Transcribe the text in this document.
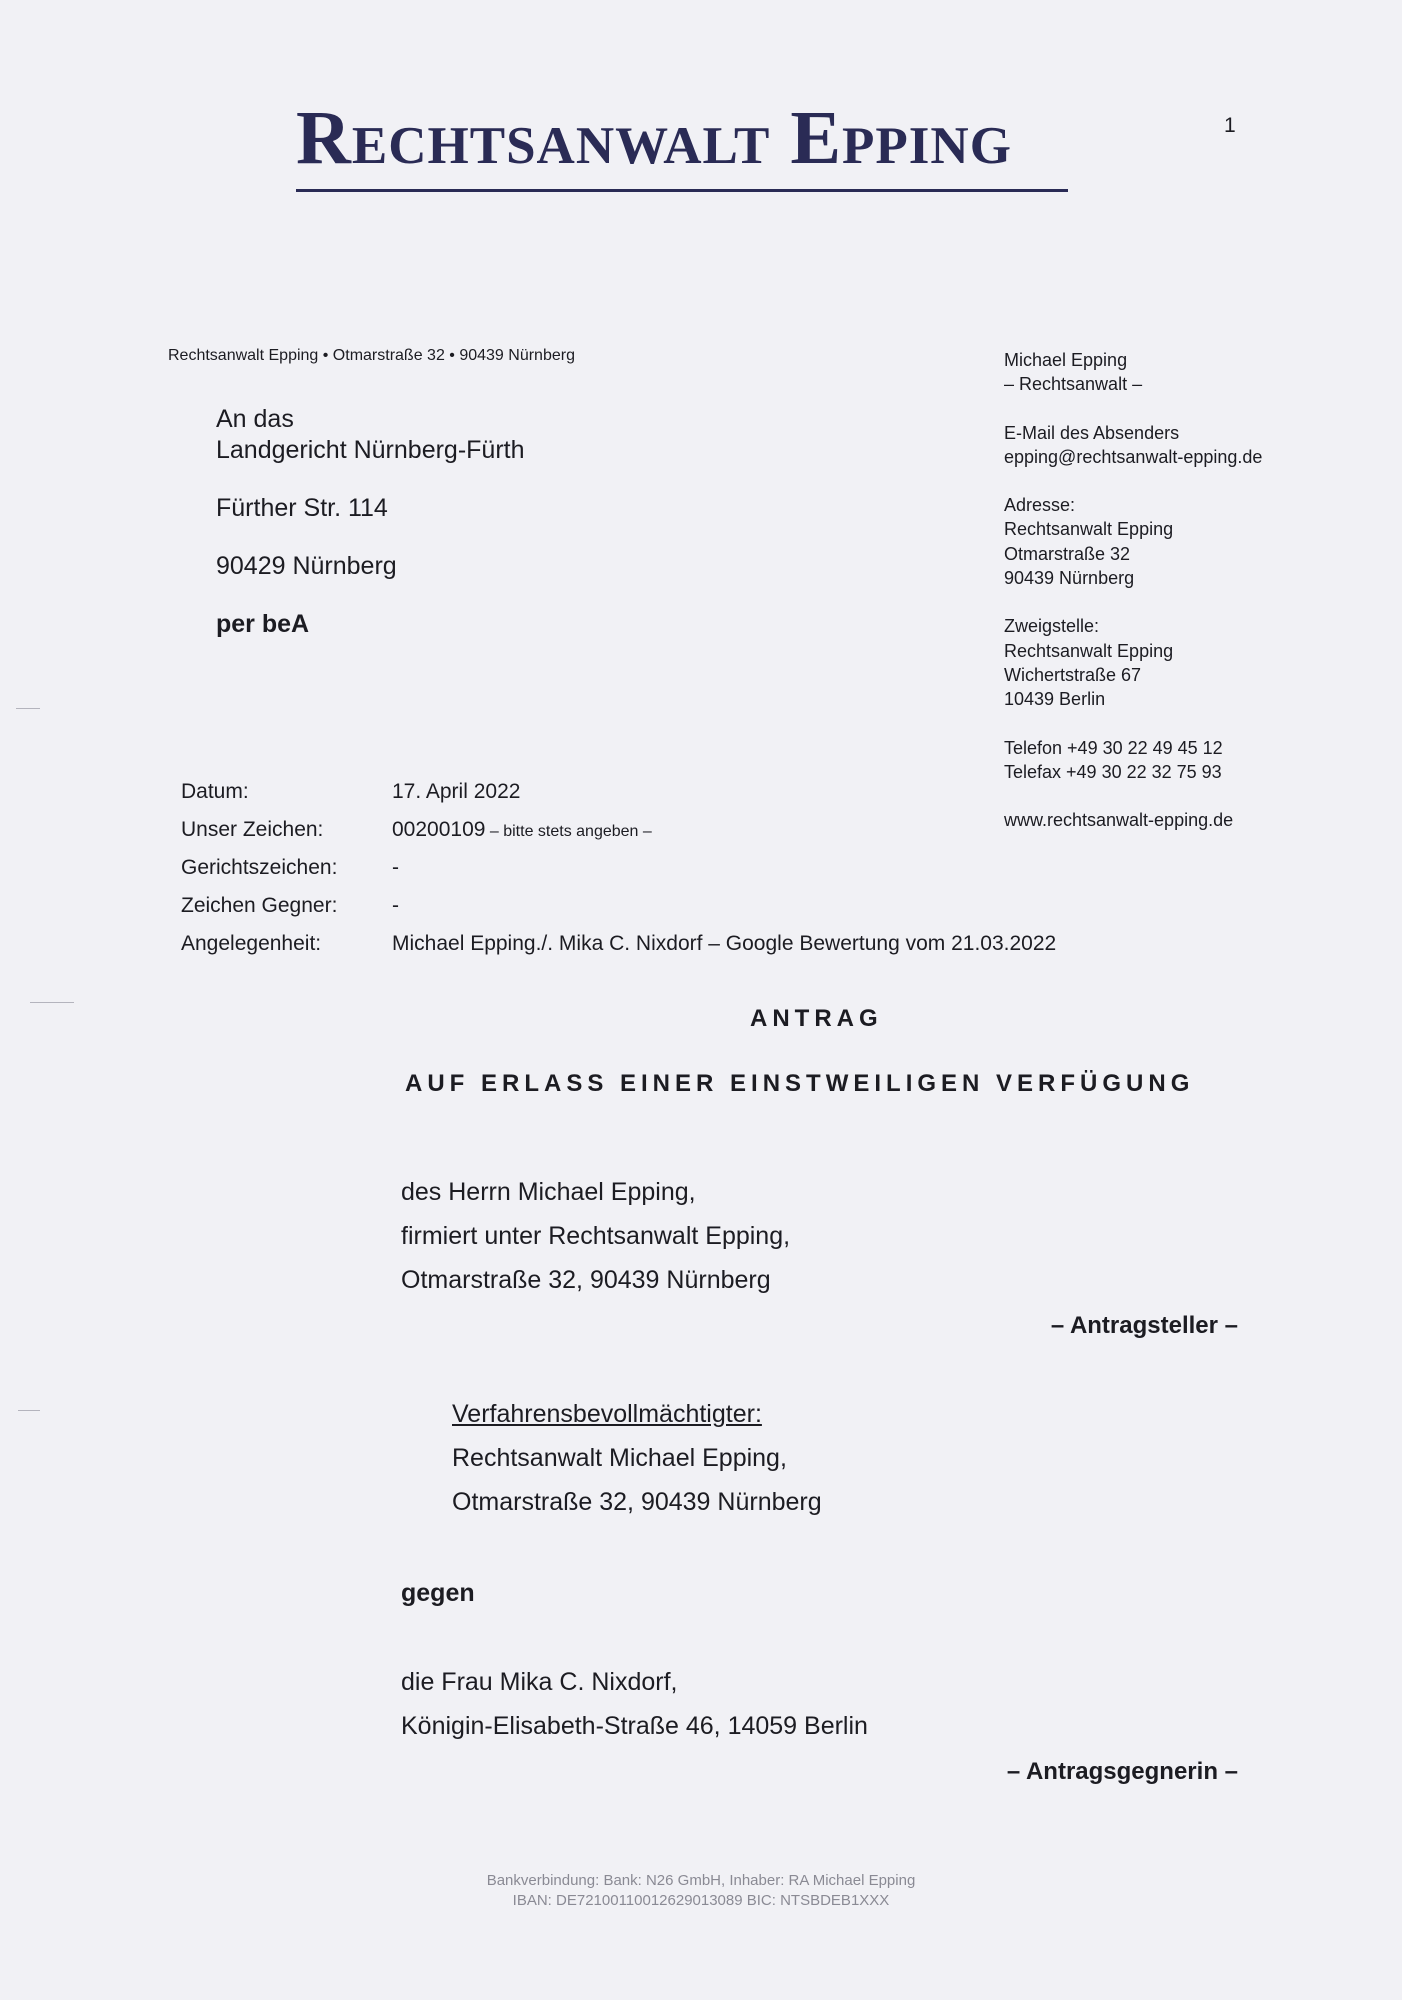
Rechtsanwalt Epping	1
Rechtsanwalt Epping • Otmarstraße 32 • 90439 Nürnberg
An das
Landgericht Nürnberg-Fürth
Fürther Str. 114
90429 Nürnberg
per beA
Michael Epping
– Rechtsanwalt –
E-Mail des Absenders
epping@rechtsanwalt-epping.de
Adresse:
Rechtsanwalt Epping
Otmarstraße 32
90439 Nürnberg
Zweigstelle:
Rechtsanwalt Epping
Wichertstraße 67
10439 Berlin
Telefon +49 30 22 49 45 12
Telefax +49 30 22 32 75 93
www.rechtsanwalt-epping.de
Datum:	17. April 2022
Unser Zeichen:	00200109 – bitte stets angeben –
Gerichtszeichen:	-
Zeichen Gegner:	-
Angelegenheit:	Michael Epping./. Mika C. Nixdorf – Google Bewertung vom 21.03.2022
ANTRAG
AUF ERLASS EINER EINSTWEILIGEN VERFÜGUNG
des Herrn Michael Epping,
firmiert unter Rechtsanwalt Epping,
Otmarstraße 32, 90439 Nürnberg
– Antragsteller –
Verfahrensbevollmächtigter:
Rechtsanwalt Michael Epping,
Otmarstraße 32, 90439 Nürnberg
gegen
die Frau Mika C. Nixdorf,
Königin-Elisabeth-Straße 46, 14059 Berlin
– Antragsgegnerin –
Bankverbindung: Bank: N26 GmbH, Inhaber: RA Michael Epping
IBAN: DE72100110012629013089 BIC: NTSBDEB1XXX
